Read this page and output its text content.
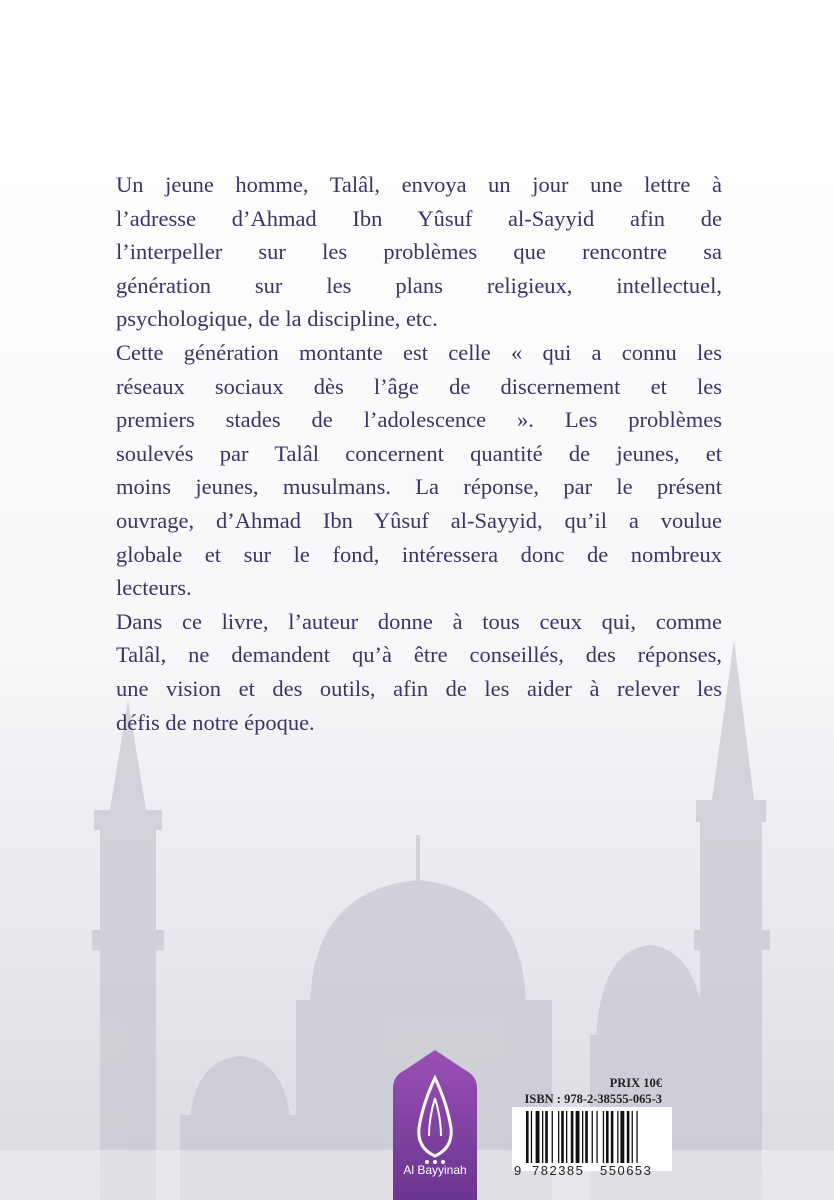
Un jeune homme, Talâl, envoya un jour une lettre à
l’adresse d’Ahmad Ibn Yûsuf al-Sayyid afin de
l’interpeller sur les problèmes que rencontre sa
génération sur les plans religieux, intellectuel,
psychologique, de la discipline, etc.
Cette génération montante est celle « qui a connu les
réseaux sociaux dès l’âge de discernement et les
premiers stades de l’adolescence ». Les problèmes
soulevés par Talâl concernent quantité de jeunes, et
moins jeunes, musulmans. La réponse, par le présent
ouvrage, d’Ahmad Ibn Yûsuf al-Sayyid, qu’il a voulue
globale et sur le fond, intéressera donc de nombreux
lecteurs.
Dans ce livre, l’auteur donne à tous ceux qui, comme
Talâl, ne demandent qu’à être conseillés, des réponses,
une vision et des outils, afin de les aider à relever les
défis de notre époque.
Al Bayyinah
PRIX 10€
ISBN : 978-2-38555-065-3
9 782385 550653
